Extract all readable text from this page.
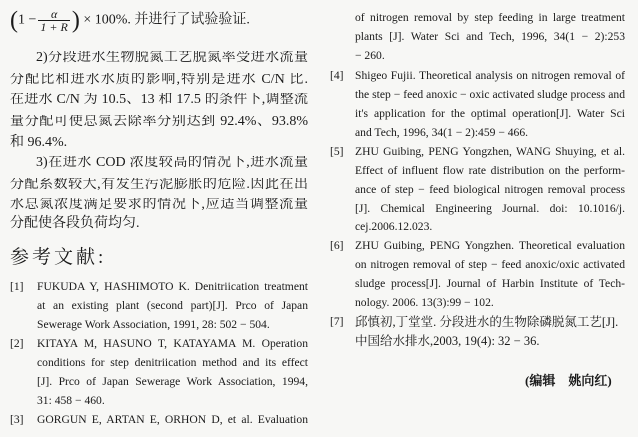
($1 - \frac{\alpha}{1 + R}$ ) × 100%. 并进行了试验验证.
2)分段进水生物脱氮工艺脱氮率受进水流量
分配比和进水水质的影响,特别是进水 C/N 比.
在进水 C/N 为 10.5、13 和 17.5 的条件下,调整流
量分配可使总氮去除率分别达到 92.4%、93.8%
和 96.4%.
3)在进水 COD 浓度较高的情况下,进水流量
分配系数较大,有发生污泥膨胀的危险.因此在出
水总氮浓度满足要求的情况下,应适当调整流量
分配使各段负荷均匀.
参考文献:
[1] FUKUDA Y, HASHIMOTO K. Denitriication treatment
at an existing plant (second part)[J]. Prco of Japan
Sewerage Work Association, 1991, 28: 502 − 504.
[2] KITAYA M, HASUNO T, KATAYAMA M. Operation
conditions for step denitriication method and its effect
[J]. Prco of Japan Sewerage Work Association, 1994,
31: 458 − 460.
[3] GORGUN E, ARTAN E, ORHON D, et al. Evaluation
of nitrogen removal by step feeding in large treatment
plants [J]. Water Sci and Tech, 1996, 34(1 − 2):253
− 260.
[4] Shigeo Fujii. Theoretical analysis on nitrogen removal of
the step − feed anoxic − oxic activated sludge process and
it's application for the optimal operation[J]. Water Sci
and Tech, 1996, 34(1 − 2):459 − 466.
[5] ZHU Guibing, PENG Yongzhen, WANG Shuying, et al.
Effect of influent flow rate distribution on the perform-
ance of step − feed biological nitrogen removal process
[J]. Chemical Engineering Journal. doi: 10.1016/j.
cej.2006.12.023.
[6] ZHU Guibing, PENG Yongzhen. Theoretical evaluation
on nitrogen removal of step − feed anoxic/oxic activated
sludge process[J]. Journal of Harbin Institute of Tech-
nology. 2006. 13(3):99 − 102.
[7] 邱慎初,丁堂堂. 分段进水的生物除磷脱氮工艺[J].
中国给水排水,2003, 19(4): 32 − 36.
(编辑　姚向红)
